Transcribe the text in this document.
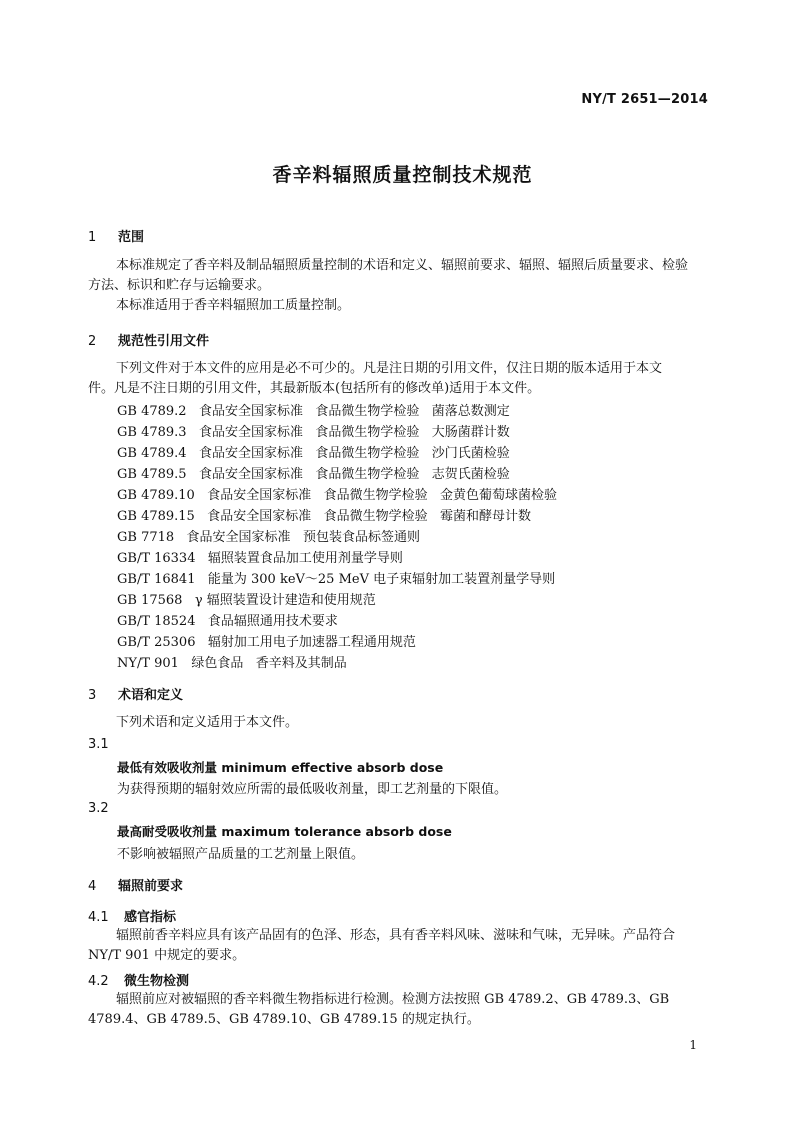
NY/T 2651—2014
香辛料辐照质量控制技术规范
1 范围
本标准规定了香辛料及制品辐照质量控制的术语和定义、辐照前要求、辐照、辐照后质量要求、检验
方法、标识和贮存与运输要求。
本标准适用于香辛料辐照加工质量控制。
2 规范性引用文件
下列文件对于本文件的应用是必不可少的。凡是注日期的引用文件，仅注日期的版本适用于本文
件。凡是不注日期的引用文件，其最新版本(包括所有的修改单)适用于本文件。
GB 4789.2   食品安全国家标准   食品微生物学检验   菌落总数测定
GB 4789.3   食品安全国家标准   食品微生物学检验   大肠菌群计数
GB 4789.4   食品安全国家标准   食品微生物学检验   沙门氏菌检验
GB 4789.5   食品安全国家标准   食品微生物学检验   志贺氏菌检验
GB 4789.10   食品安全国家标准   食品微生物学检验   金黄色葡萄球菌检验
GB 4789.15   食品安全国家标准   食品微生物学检验   霉菌和酵母计数
GB 7718   食品安全国家标准   预包装食品标签通则
GB/T 16334   辐照装置食品加工使用剂量学导则
GB/T 16841   能量为 300 keV～25 MeV 电子束辐射加工装置剂量学导则
GB 17568   γ 辐照装置设计建造和使用规范
GB/T 18524   食品辐照通用技术要求
GB/T 25306   辐射加工用电子加速器工程通用规范
NY/T 901   绿色食品   香辛料及其制品
3 术语和定义
下列术语和定义适用于本文件。
3.1
最低有效吸收剂量 minimum effective absorb dose
为获得预期的辐射效应所需的最低吸收剂量，即工艺剂量的下限值。
3.2
最高耐受吸收剂量 maximum tolerance absorb dose
不影响被辐照产品质量的工艺剂量上限值。
4 辐照前要求
4.1 感官指标
辐照前香辛料应具有该产品固有的色泽、形态，具有香辛料风味、滋味和气味，无异味。产品符合
NY/T 901 中规定的要求。
4.2 微生物检测
辐照前应对被辐照的香辛料微生物指标进行检测。检测方法按照 GB 4789.2、GB 4789.3、GB
4789.4、GB 4789.5、GB 4789.10、GB 4789.15 的规定执行。
1
